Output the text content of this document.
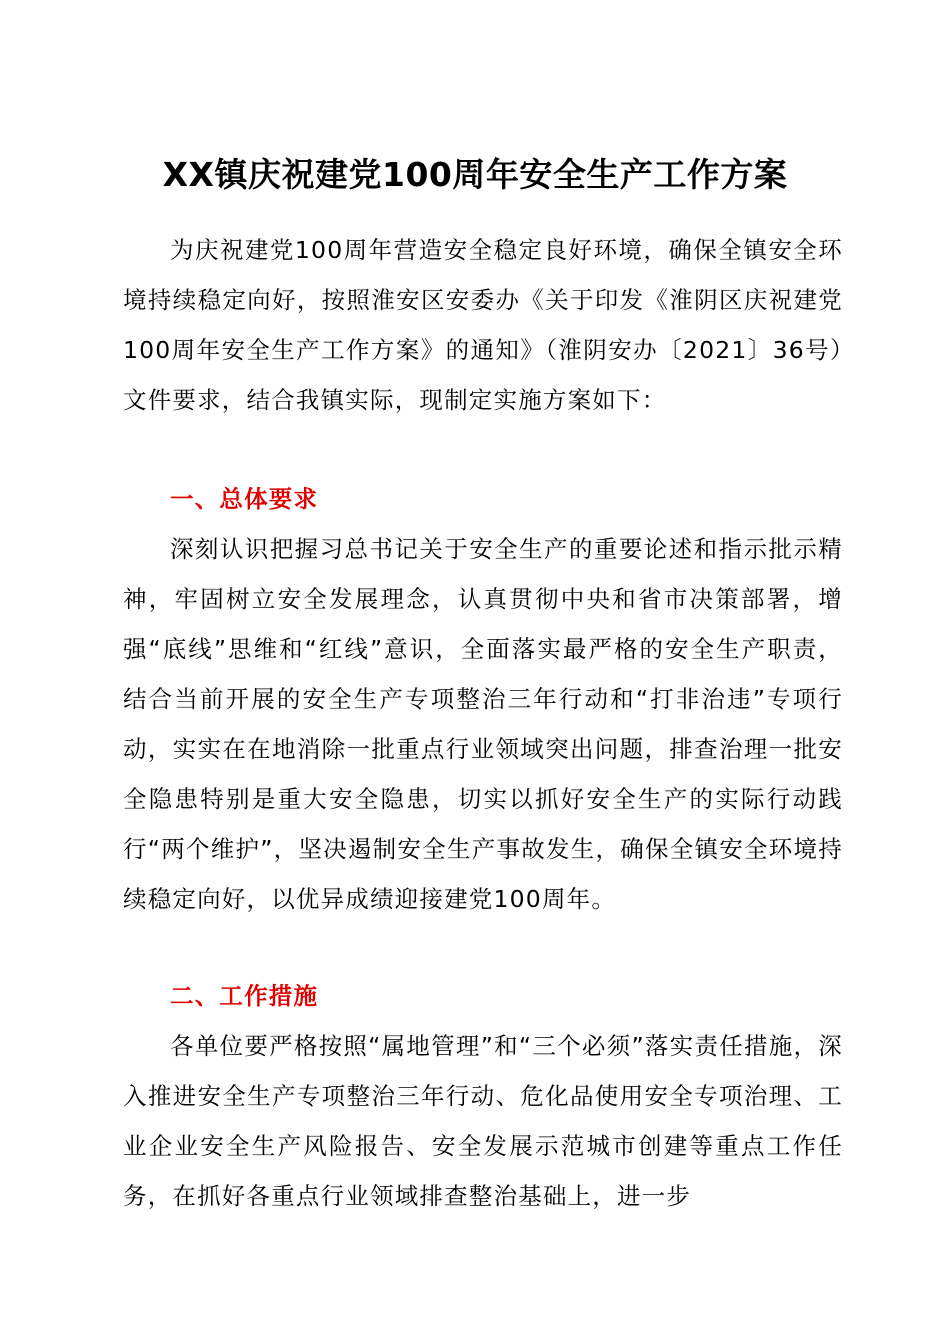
XX镇庆祝建党100周年安全生产工作方案

为庆祝建党100周年营造安全稳定良好环境，确保全镇安全环境持续稳定向好，按照淮安区安委办《关于印发《淮阴区庆祝建党100周年安全生产工作方案》的通知》（淮阴安办〔2021〕36号）文件要求，结合我镇实际，现制定实施方案如下：

一、总体要求

深刻认识把握习总书记关于安全生产的重要论述和指示批示精神，牢固树立安全发展理念，认真贯彻中央和省市决策部署，增强“底线”思维和“红线”意识，全面落实最严格的安全生产职责，结合当前开展的安全生产专项整治三年行动和“打非治违”专项行动，实实在在地消除一批重点行业领域突出问题，排查治理一批安全隐患特别是重大安全隐患，切实以抓好安全生产的实际行动践行“两个维护”，坚决遏制安全生产事故发生，确保全镇安全环境持续稳定向好，以优异成绩迎接建党100周年。

二、工作措施

各单位要严格按照“属地管理”和“三个必须”落实责任措施，深入推进安全生产专项整治三年行动、危化品使用安全专项治理、工业企业安全生产风险报告、安全发展示范城市创建等重点工作任务，在抓好各重点行业领域排查整治基础上，进一步
